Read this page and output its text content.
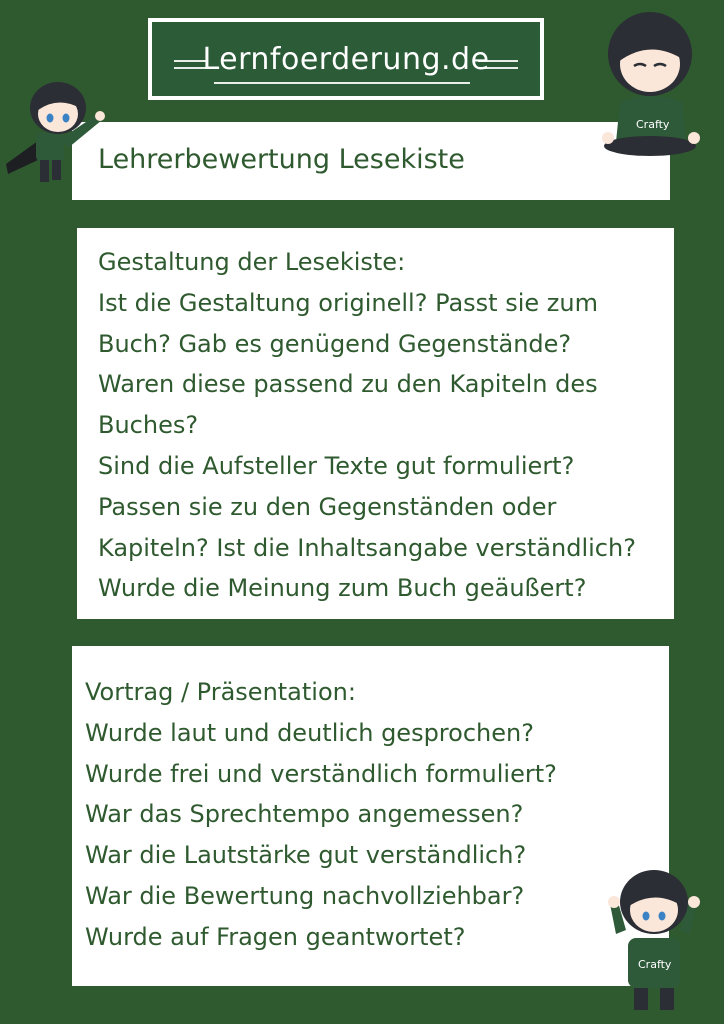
Lernfoerderung.de
Lehrerbewertung Lesekiste
Gestaltung der Lesekiste:
Ist die Gestaltung originell? Passt sie zum
Buch? Gab es genügend Gegenstände?
Waren diese passend zu den Kapiteln des
Buches?
Sind die Aufsteller Texte gut formuliert?
Passen sie zu den Gegenständen oder
Kapiteln? Ist die Inhaltsangabe verständlich?
Wurde die Meinung zum Buch geäußert?
Vortrag / Präsentation:
Wurde laut und deutlich gesprochen?
Wurde frei und verständlich formuliert?
War das Sprechtempo angemessen?
War die Lautstärke gut verständlich?
War die Bewertung nachvollziehbar?
Wurde auf Fragen geantwortet?
Crafty
Crafty
